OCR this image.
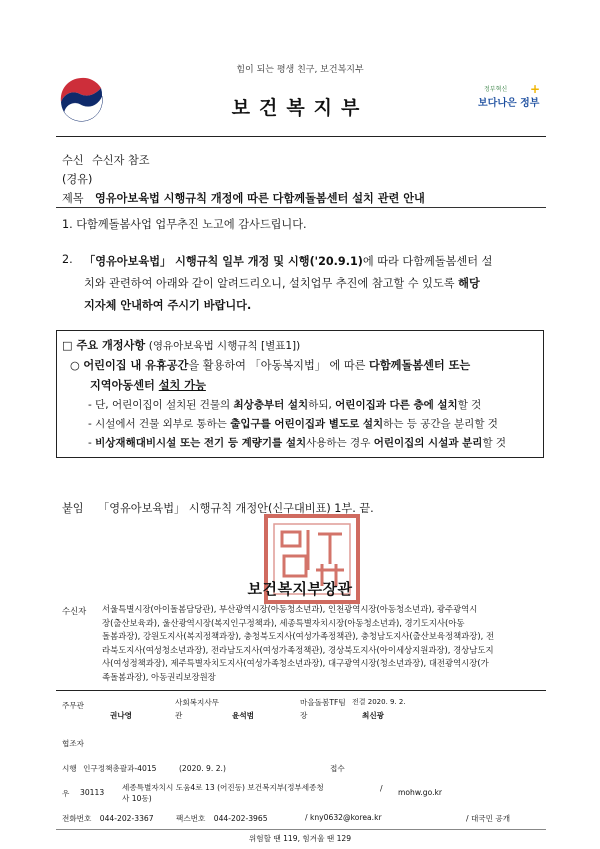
힘이 되는 평생 친구, 보건복지부
보건복지부
정부혁신
보다나은 정부
+
수신 수신자 참조
(경유)
제목 영유아보육법 시행규칙 개정에 따른 다함께돌봄센터 설치 관련 안내
1. 다함께돌봄사업 업무추진 노고에 감사드립니다.
2. 「영유아보육법」 시행규칙 일부 개정 및 시행('20.9.1)에 따라 다함께돌봄센터 설
치와 관련하여 아래와 같이 알려드리오니, 설치업무 추진에 참고할 수 있도록 해당
지자체 안내하여 주시기 바랍니다.
□ 주요 개정사항 (영유아보육법 시행규칙 [별표1])
○ 어린이집 내 유휴공간을 활용하여 「아동복지법」 에 따른 다함께돌봄센터 또는
지역아동센터 설치 가능
- 단, 어린이집이 설치된 건물의 최상층부터 설치하되, 어린이집과 다른 층에 설치할 것
- 시설에서 건물 외부로 통하는 출입구를 어린이집과 별도로 설치하는 등 공간을 분리할 것
- 비상재해대비시설 또는 전기 등 계량기를 설치사용하는 경우 어린이집의 시설과 분리할 것
붙임 「영유아보육법」 시행규칙 개정안(신구대비표) 1부. 끝.
보건복지부장관
수신자 서울특별시장(아이돌봄담당관), 부산광역시장(아동청소년과), 인천광역시장(아동청소년과), 광주광역시
장(출산보육과), 울산광역시장(복지인구정책과), 세종특별자치시장(아동청소년과), 경기도지사(아동
돌봄과장), 강원도지사(복지정책과장), 충청북도지사(여성가족정책관), 충청남도지사(출산보육정책과장), 전
라북도지사(여성청소년과장), 전라남도지사(여성가족정책관), 경상북도지사(아이세상지원과장), 경상남도지
사(여성정책과장), 제주특별자치도지사(여성가족청소년과장), 대구광역시장(청소년과장), 대전광역시장(가
족돌봄과장), 아동권리보장원장
주무관
권나영
사회복지사무
관	윤석범
마을돌봄TF팀
장
전결 2020. 9. 2.
최신광
협조자
시행 인구정책총괄과-4015	(2020. 9. 2.)	접수
우 30113
세종특별자치시 도움4로 13 (어진동) 보건복지부(정부세종청
사 10동)
/ mohw.go.kr
전화번호 044-202-3367	팩스번호 044-202-3965	/ kny0632@korea.kr	/ 대국민 공개
위험할 땐 119, 힘겨울 땐 129
